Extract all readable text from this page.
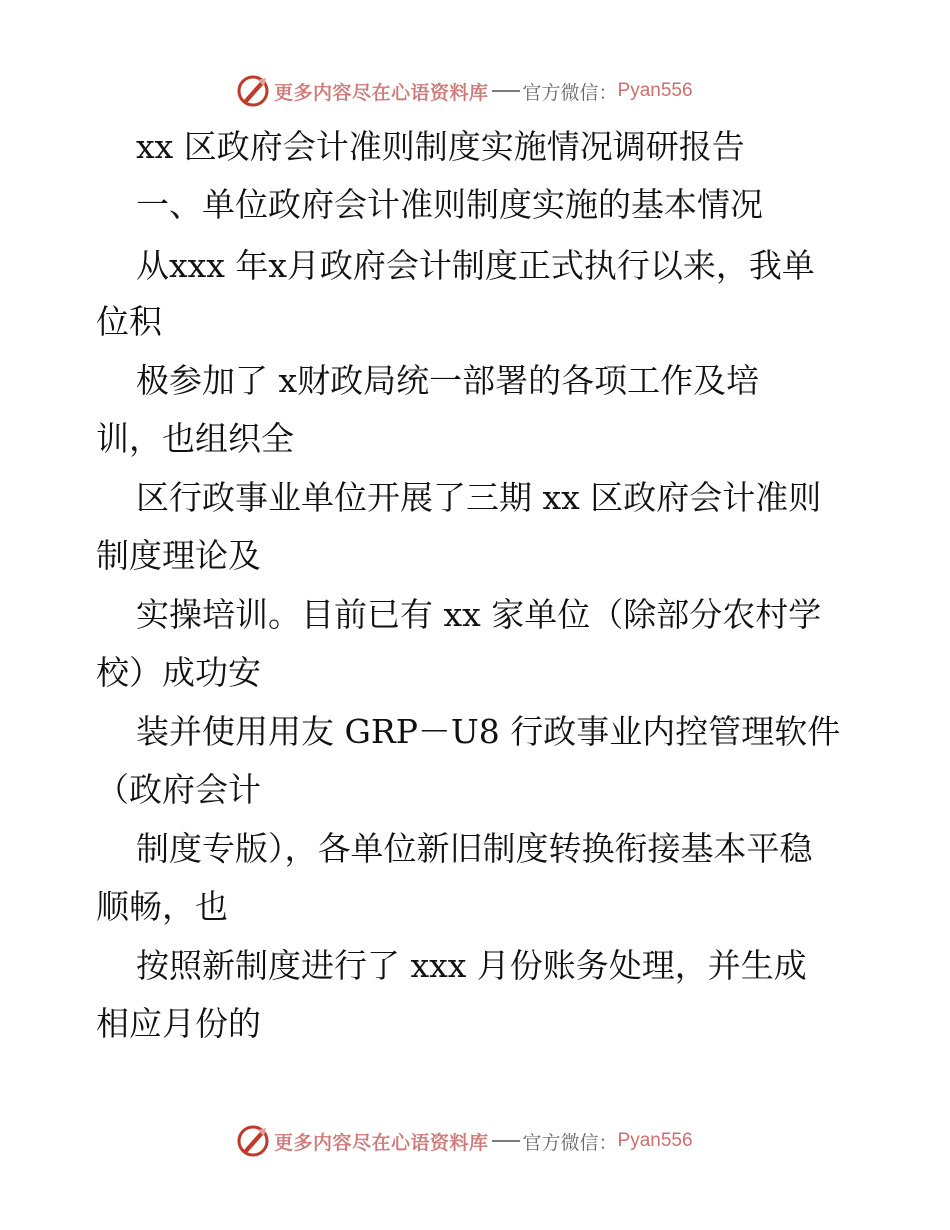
更多内容尽在心语资料库 官方微信： Pyan556
xx 区政府会计准则制度实施情况调研报告
一、单位政府会计准则制度实施的基本情况
从xxx 年x月政府会计制度正式执行以来，我单
位积
极参加了 x财政局统一部署的各项工作及培
训，也组织全
区行政事业单位开展了三期 xx 区政府会计准则
制度理论及
实操培训。目前已有 xx 家单位（除部分农村学
校）成功安
装并使用用友 GRP－U8 行政事业内控管理软件
（政府会计
制度专版），各单位新旧制度转换衔接基本平稳
顺畅，也
按照新制度进行了 xxx 月份账务处理，并生成
相应月份的
更多内容尽在心语资料库 官方微信： Pyan556
